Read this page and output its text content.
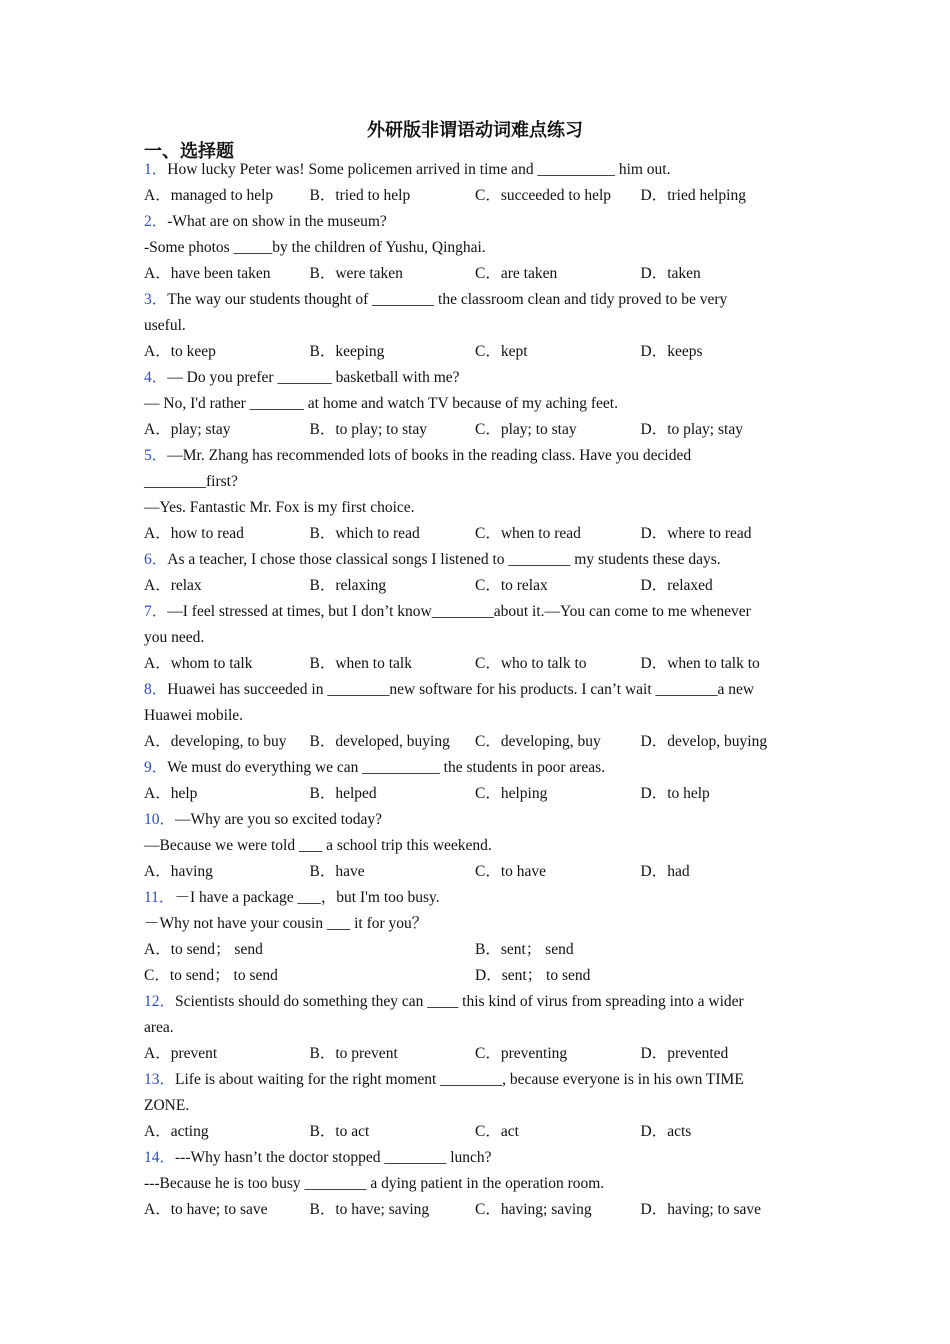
外研版非谓语动词难点练习
一、选择题
1．How lucky Peter was! Some policemen arrived in time and __________ him out.
A．managed to help	B．tried to help	C．succeeded to help	D．tried helping
2．-What are on show in the museum?
-Some photos _____by the children of Yushu, Qinghai.
A．have been taken	B．were taken	C．are taken	D．taken
3．The way our students thought of ________ the classroom clean and tidy proved to be very
useful.
A．to keep	B．keeping	C．kept	D．keeps
4．— Do you prefer _______ basketball with me?
— No, I'd rather _______ at home and watch TV because of my aching feet.
A．play; stay	B．to play; to stay	C．play; to stay	D．to play; stay
5．—Mr. Zhang has recommended lots of books in the reading class. Have you decided
________first?
—Yes. Fantastic Mr. Fox is my first choice.
A．how to read	B．which to read	C．when to read	D．where to read
6．As a teacher, I chose those classical songs I listened to ________ my students these days.
A．relax	B．relaxing	C．to relax	D．relaxed
7．—I feel stressed at times, but I don’t know________about it.—You can come to me whenever
you need.
A．whom to talk	B．when to talk	C．who to talk to	D．when to talk to
8．Huawei has succeeded in ________new software for his products. I can’t wait ________a new
Huawei mobile.
A．developing, to buy	B．developed, buying	C．developing, buy	D．develop, buying
9．We must do everything we can __________ the students in poor areas.
A．help	B．helped	C．helping	D．to help
10．—Why are you so excited today?
—Because we were told ___ a school trip this weekend.
A．having	B．have	C．to have	D．had
11．－I have a package ___，but I'm too busy.
－Why not have your cousin ___ it for you？
A．to send； send	B．sent； send
C．to send； to send	D．sent； to send
12．Scientists should do something they can ____ this kind of virus from spreading into a wider
area.
A．prevent	B．to prevent	C．preventing	D．prevented
13．Life is about waiting for the right moment ________, because everyone is in his own TIME
ZONE.
A．acting	B．to act	C．act	D．acts
14．---Why hasn’t the doctor stopped ________ lunch?
---Because he is too busy ________ a dying patient in the operation room.
A．to have; to save	B．to have; saving	C．having; saving	D．having; to save
